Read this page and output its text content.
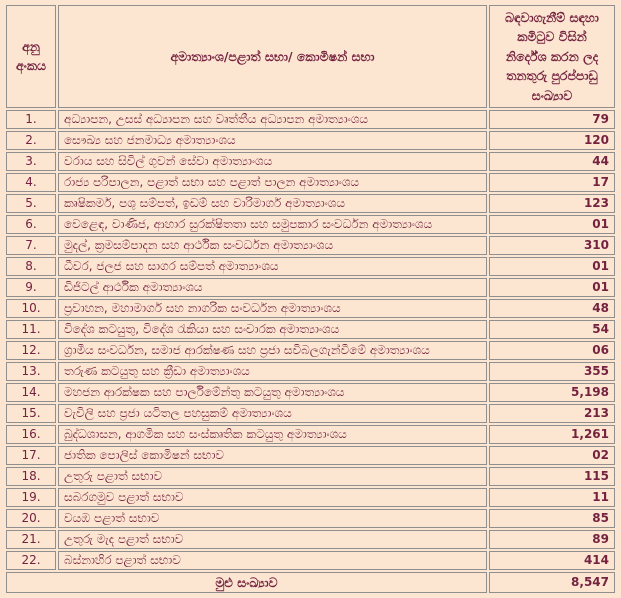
අනු අංකය	අමාත්‍යාංශ/පළාත් සභා/ කොමිෂන් සභා	බඳවාගැනීම් සඳහා කමිටුව විසින් නිර්දේශ කරන ලද තනතුරු පුරප්පාඩු සංඛ්‍යාව
1.	අධ්‍යාපන, උසස් අධ්‍යාපන සහ වෘත්තීය අධ්‍යාපන අමාත්‍යාංශය	79
2.	සෞඛ්‍ය සහ ජනමාධ්‍ය අමාත්‍යාංශය	120
3.	වරාය සහ සිවිල් ගුවන් සේවා අමාත්‍යාංශය	44
4.	රාජ්‍ය පරිපාලන, පළාත් සභා සහ පළාත් පාලන අමාත්‍යාංශය	17
5.	කෘෂිකර්ම, පශු සම්පත්, ඉඩම් සහ වාරිමාර්ග අමාත්‍යාංශය	123
6.	වෙළෙඳ, වාණිජ, ආහාර සුරක්ෂිතතා සහ සමුපකාර සංවර්ධන අමාත්‍යාංශය	01
7.	මුදල්, ක්‍රමසම්පාදන සහ ආර්ථික සංවර්ධන අමාත්‍යාංශය	310
8.	ධීවර, ජලජ සහ සාගර සම්පත් අමාත්‍යාංශය	01
9.	ඩිජිටල් ආර්ථික අමාත්‍යාංශය	01
10.	ප්‍රවාහන, මහාමාර්ග සහ නාගරික සංවර්ධන අමාත්‍යාංශය	48
11.	විදේශ කටයුතු, විදේශ රැකියා සහ සංචාරක අමාත්‍යාංශය	54
12.	ග්‍රාමීය සංවර්ධන, සමාජ ආරක්ෂණ සහ ප්‍රජා සවිබලගැන්වීමේ අමාත්‍යාංශය	06
13.	තරුණ කටයුතු සහ ක්‍රීඩා අමාත්‍යාංශය	355
14.	මහජන ආරක්ෂක සහ පාර්ලිමේන්තු කටයුතු අමාත්‍යාංශය	5,198
15.	වැවිලි සහ ප්‍රජා යටිතල පහසුකම් අමාත්‍යාංශය	213
16.	බුද්ධශාසන, ආගමික සහ සංස්කෘතික කටයුතු අමාත්‍යාංශය	1,261
17.	ජාතික පොලිස් කොමිෂන් සභාව	02
18.	උතුරු පළාත් සභාව	115
19.	සබරගමුව පළාත් සභාව	11
20.	වයඹ පළාත් සභාව	85
21.	උතුරු මැද පළාත් සභාව	89
22.	බස්නාහිර පළාත් සභාව	414
මුළු සංඛ්‍යාව		8,547
